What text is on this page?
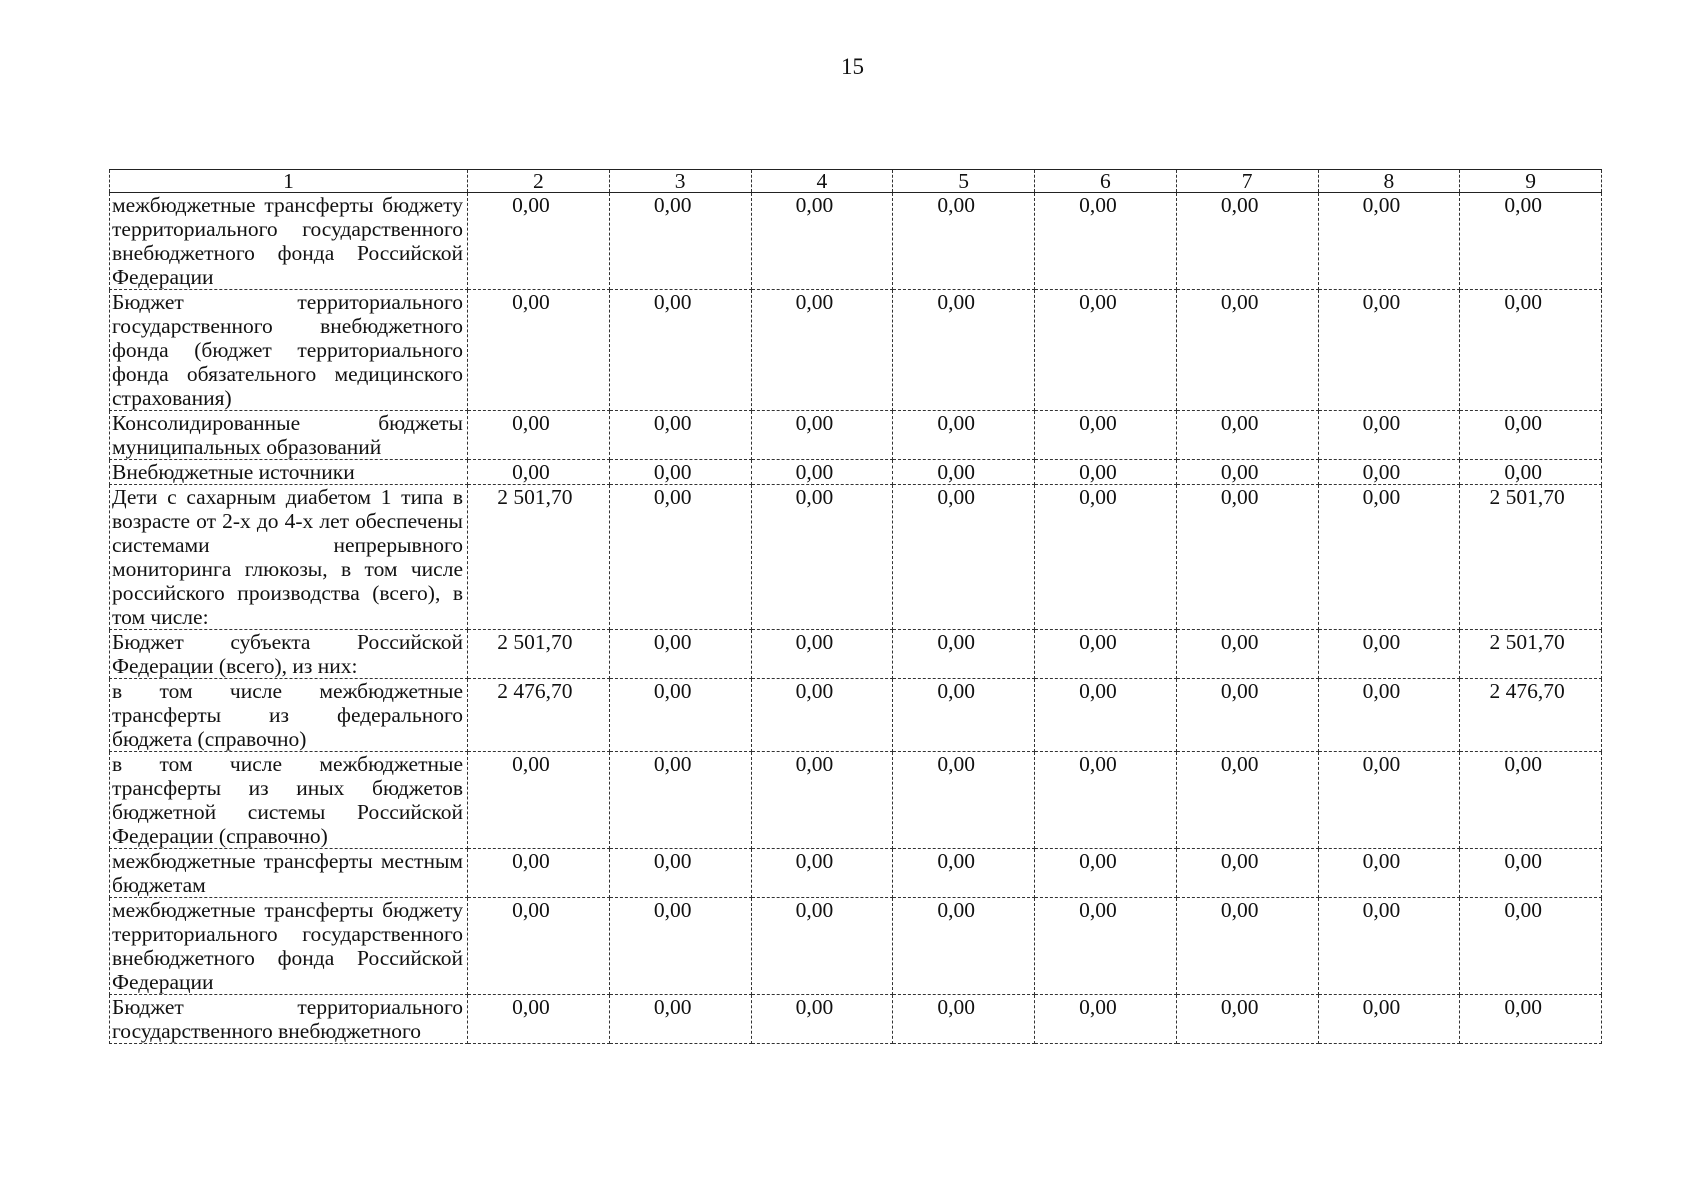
15
1	2	3	4	5	6	7	8	9
межбюджетные трансферты бюджету территориального государственного внебюджетного фонда Российской Федерации	0,00	0,00	0,00	0,00	0,00	0,00	0,00	0,00
Бюджет территориального государственного внебюджетного фонда (бюджет территориального фонда обязательного медицинского страхования)	0,00	0,00	0,00	0,00	0,00	0,00	0,00	0,00
Консолидированные бюджеты муниципальных образований	0,00	0,00	0,00	0,00	0,00	0,00	0,00	0,00
Внебюджетные источники	0,00	0,00	0,00	0,00	0,00	0,00	0,00	0,00
Дети с сахарным диабетом 1 типа в возрасте от 2-х до 4-х лет обеспечены системами непрерывного мониторинга глюкозы, в том числе российского производства (всего), в том числе:	2 501,70	0,00	0,00	0,00	0,00	0,00	0,00	2 501,70
Бюджет субъекта Российской Федерации (всего), из них:	2 501,70	0,00	0,00	0,00	0,00	0,00	0,00	2 501,70
в том числе межбюджетные трансферты из федерального бюджета (справочно)	2 476,70	0,00	0,00	0,00	0,00	0,00	0,00	2 476,70
в том числе межбюджетные трансферты из иных бюджетов бюджетной системы Российской Федерации (справочно)	0,00	0,00	0,00	0,00	0,00	0,00	0,00	0,00
межбюджетные трансферты местным бюджетам	0,00	0,00	0,00	0,00	0,00	0,00	0,00	0,00
межбюджетные трансферты бюджету территориального государственного внебюджетного фонда Российской Федерации	0,00	0,00	0,00	0,00	0,00	0,00	0,00	0,00
Бюджет территориального государственного внебюджетного	0,00	0,00	0,00	0,00	0,00	0,00	0,00	0,00
